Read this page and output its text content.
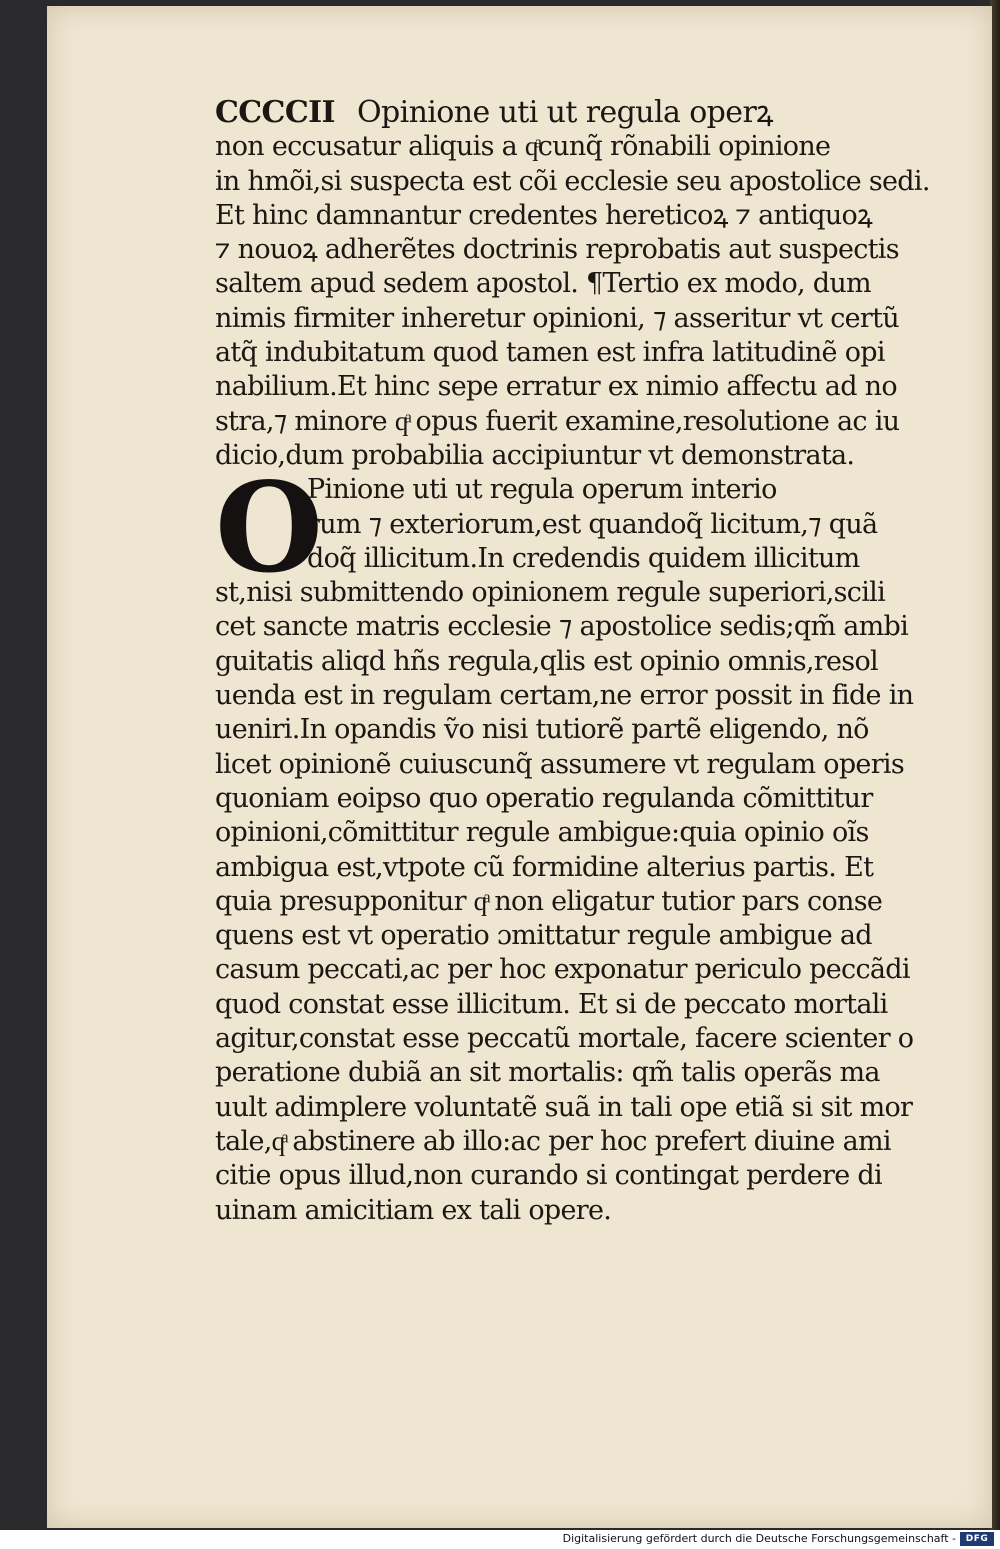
CCCCII Opinione uti ut regula operꝝ
non eccusatur aliquis a qͣcunq̃ rõnabili opinione
in hmõi,si suspecta est cõi ecclesie seu apostolice sedi.
Et hinc damnantur credentes hereticoꝝ ⁊ antiquoꝝ
⁊ nouoꝝ adherẽtes doctrinis reprobatis aut suspectis
saltem apud sedem apostol. ¶Tertio ex modo, dum
nimis firmiter inheretur opinioni, ⁊ asseritur vt certũ
atq̃ indubitatum quod tamen est infra latitudinẽ opi
nabilium.Et hinc sepe erratur ex nimio affectu ad no
stra,⁊ minore qͣ opus fuerit examine,resolutione ac iu
dicio,dum probabilia accipiuntur vt demonstrata.
O
Pinione uti ut regula operum interio
rum ⁊ exteriorum,est quandoq̃ licitum,⁊ quã
doq̃ illicitum.In credendis quidem illicitum
st,nisi submittendo opinionem regule superiori,scili
cet sancte matris ecclesie ⁊ apostolice sedis;qm̃ ambi
guitatis aliqd hñs regula,qlis est opinio omnis,resol
uenda est in regulam certam,ne error possit in fide in
ueniri.In opandis ṽo nisi tutiorẽ partẽ eligendo, nõ
licet opinionẽ cuiuscunq̃ assumere vt regulam operis
quoniam eoipso quo operatio regulanda cõmittitur
opinioni,cõmittitur regule ambigue:quia opinio oĩs
ambigua est,vtpote cũ formidine alterius partis. Et
quia presupponitur qͣ non eligatur tutior pars conse
quens est vt operatio ɔmittatur regule ambigue ad
casum peccati,ac per hoc exponatur periculo peccãdi
quod constat esse illicitum. Et si de peccato mortali
agitur,constat esse peccatũ mortale, facere scienter o
peratione dubiã an sit mortalis: qm̃ talis operãs ma
uult adimplere voluntatẽ suã in tali ope etiã si sit mor
tale,qͣ abstinere ab illo:ac per hoc prefert diuine ami
citie opus illud,non curando si contingat perdere di
uinam amicitiam ex tali opere.
Digitalisierung gefördert durch die Deutsche Forschungsgemeinschaft -	DFG
